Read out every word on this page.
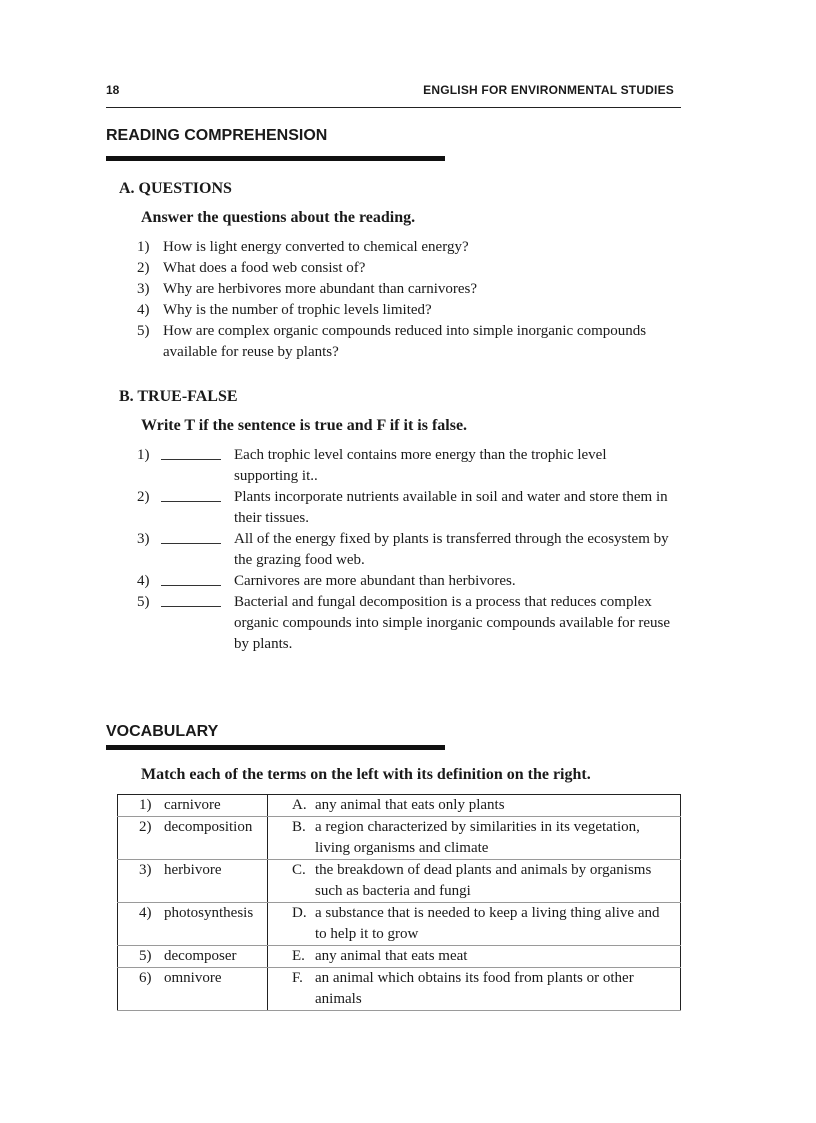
18	ENGLISH FOR ENVIRONMENTAL STUDIES
READING COMPREHENSION
A. QUESTIONS
Answer the questions about the reading.
1) How is light energy converted to chemical energy?
2) What does a food web consist of?
3) Why are herbivores more abundant than carnivores?
4) Why is the number of trophic levels limited?
5) How are complex organic compounds reduced into simple inorganic compounds available for reuse by plants?
B. TRUE-FALSE
Write T if the sentence is true and F if it is false.
1)	Each trophic level contains more energy than the trophic level supporting it..
2)	Plants incorporate nutrients available in soil and water and store them in their tissues.
3)	All of the energy fixed by plants is transferred through the ecosystem by the grazing food web.
4)	Carnivores are more abundant than herbivores.
5)	Bacterial and fungal decomposition is a process that reduces complex organic compounds into simple inorganic compounds available for reuse by plants.
VOCABULARY
Match each of the terms on the left with its definition on the right.
1) carnivore	A. any animal that eats only plants

2) decomposition	B. a region characterized by similarities in its vegetation, living organisms and climate

3) herbivore	C. the breakdown of dead plants and animals by organisms such as bacteria and fungi

4) photosynthesis	D. a substance that is needed to keep a living thing alive and to help it to grow

5) decomposer	E. any animal that eats meat

6) omnivore	F. an animal which obtains its food from plants or other animals
